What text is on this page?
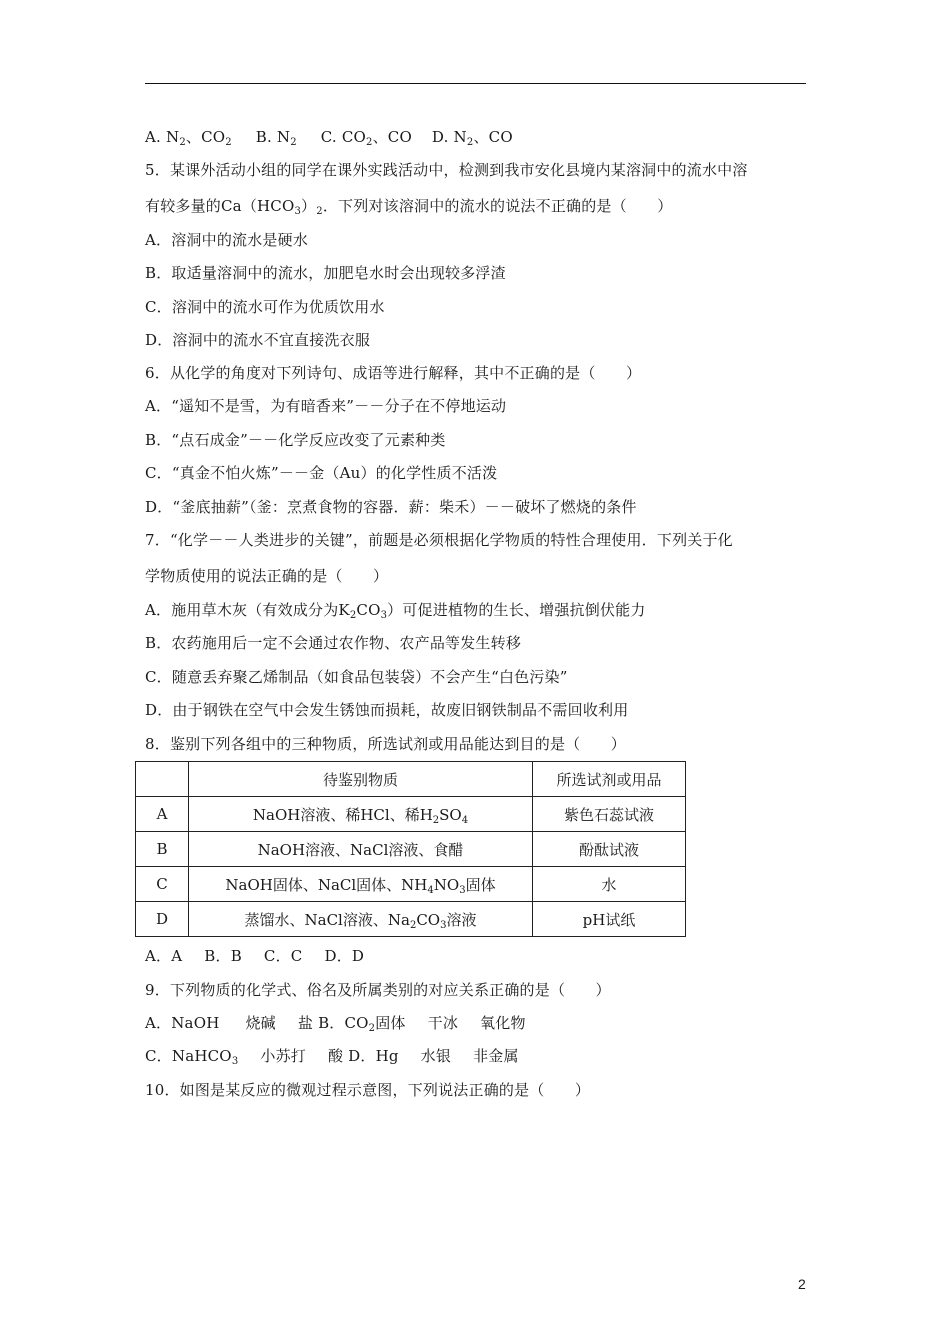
A. $N_2$、$CO_2$ B. $N_2$ C. $CO_2$、CO D. $N_2$、CO
5．某课外活动小组的同学在课外实践活动中，检测到我市安化县境内某溶洞中的流水中溶
有较多量的$Ca(HCO_3)_2$．下列对该溶洞中的流水的说法不正确的是（　　）
A．溶洞中的流水是硬水
B．取适量溶洞中的流水，加肥皂水时会出现较多浮渣
C．溶洞中的流水可作为优质饮用水
D．溶洞中的流水不宜直接洗衣服
6．从化学的角度对下列诗句、成语等进行解释，其中不正确的是（　　）
A．“遥知不是雪，为有暗香来”－－分子在不停地运动
B．“点石成金”－－化学反应改变了元素种类
C．“真金不怕火炼”－－金（Au）的化学性质不活泼
D．“釜底抽薪”（釜：烹煮食物的容器．薪：柴禾）－－破坏了燃烧的条件
7．“化学－－人类进步的关键”，前题是必须根据化学物质的特性合理使用．下列关于化
学物质使用的说法正确的是（　　）
A．施用草木灰（有效成分为$K_2CO_3$）可促进植物的生长、增强抗倒伏能力
B．农药施用后一定不会通过农作物、农产品等发生转移
C．随意丢弃聚乙烯制品（如食品包装袋）不会产生“白色污染”
D．由于钢铁在空气中会发生锈蚀而损耗，故废旧钢铁制品不需回收利用
8．鉴别下列各组中的三种物质，所选试剂或用品能达到目的是（　　）
	待鉴别物质	所选试剂或用品
A	NaOH溶液、稀HCl、稀$H_2SO_4$	紫色石蕊试液
B	NaOH溶液、NaCl溶液、食醋	酚酞试液
C	NaOH固体、NaCl固体、$NH_4NO_3$固体	水
D	蒸馏水、NaCl溶液、$Na_2CO_3$溶液	pH试纸
A．A B．B C．C D．D
9．下列物质的化学式、俗名及所属类别的对应关系正确的是（　　）
A．NaOH 烧碱 盐 B．$CO_2$固体 干冰 氧化物
C．NaHCO$_3$ 小苏打 酸 D．Hg 水银 非金属
10．如图是某反应的微观过程示意图，下列说法正确的是（　　）
2
